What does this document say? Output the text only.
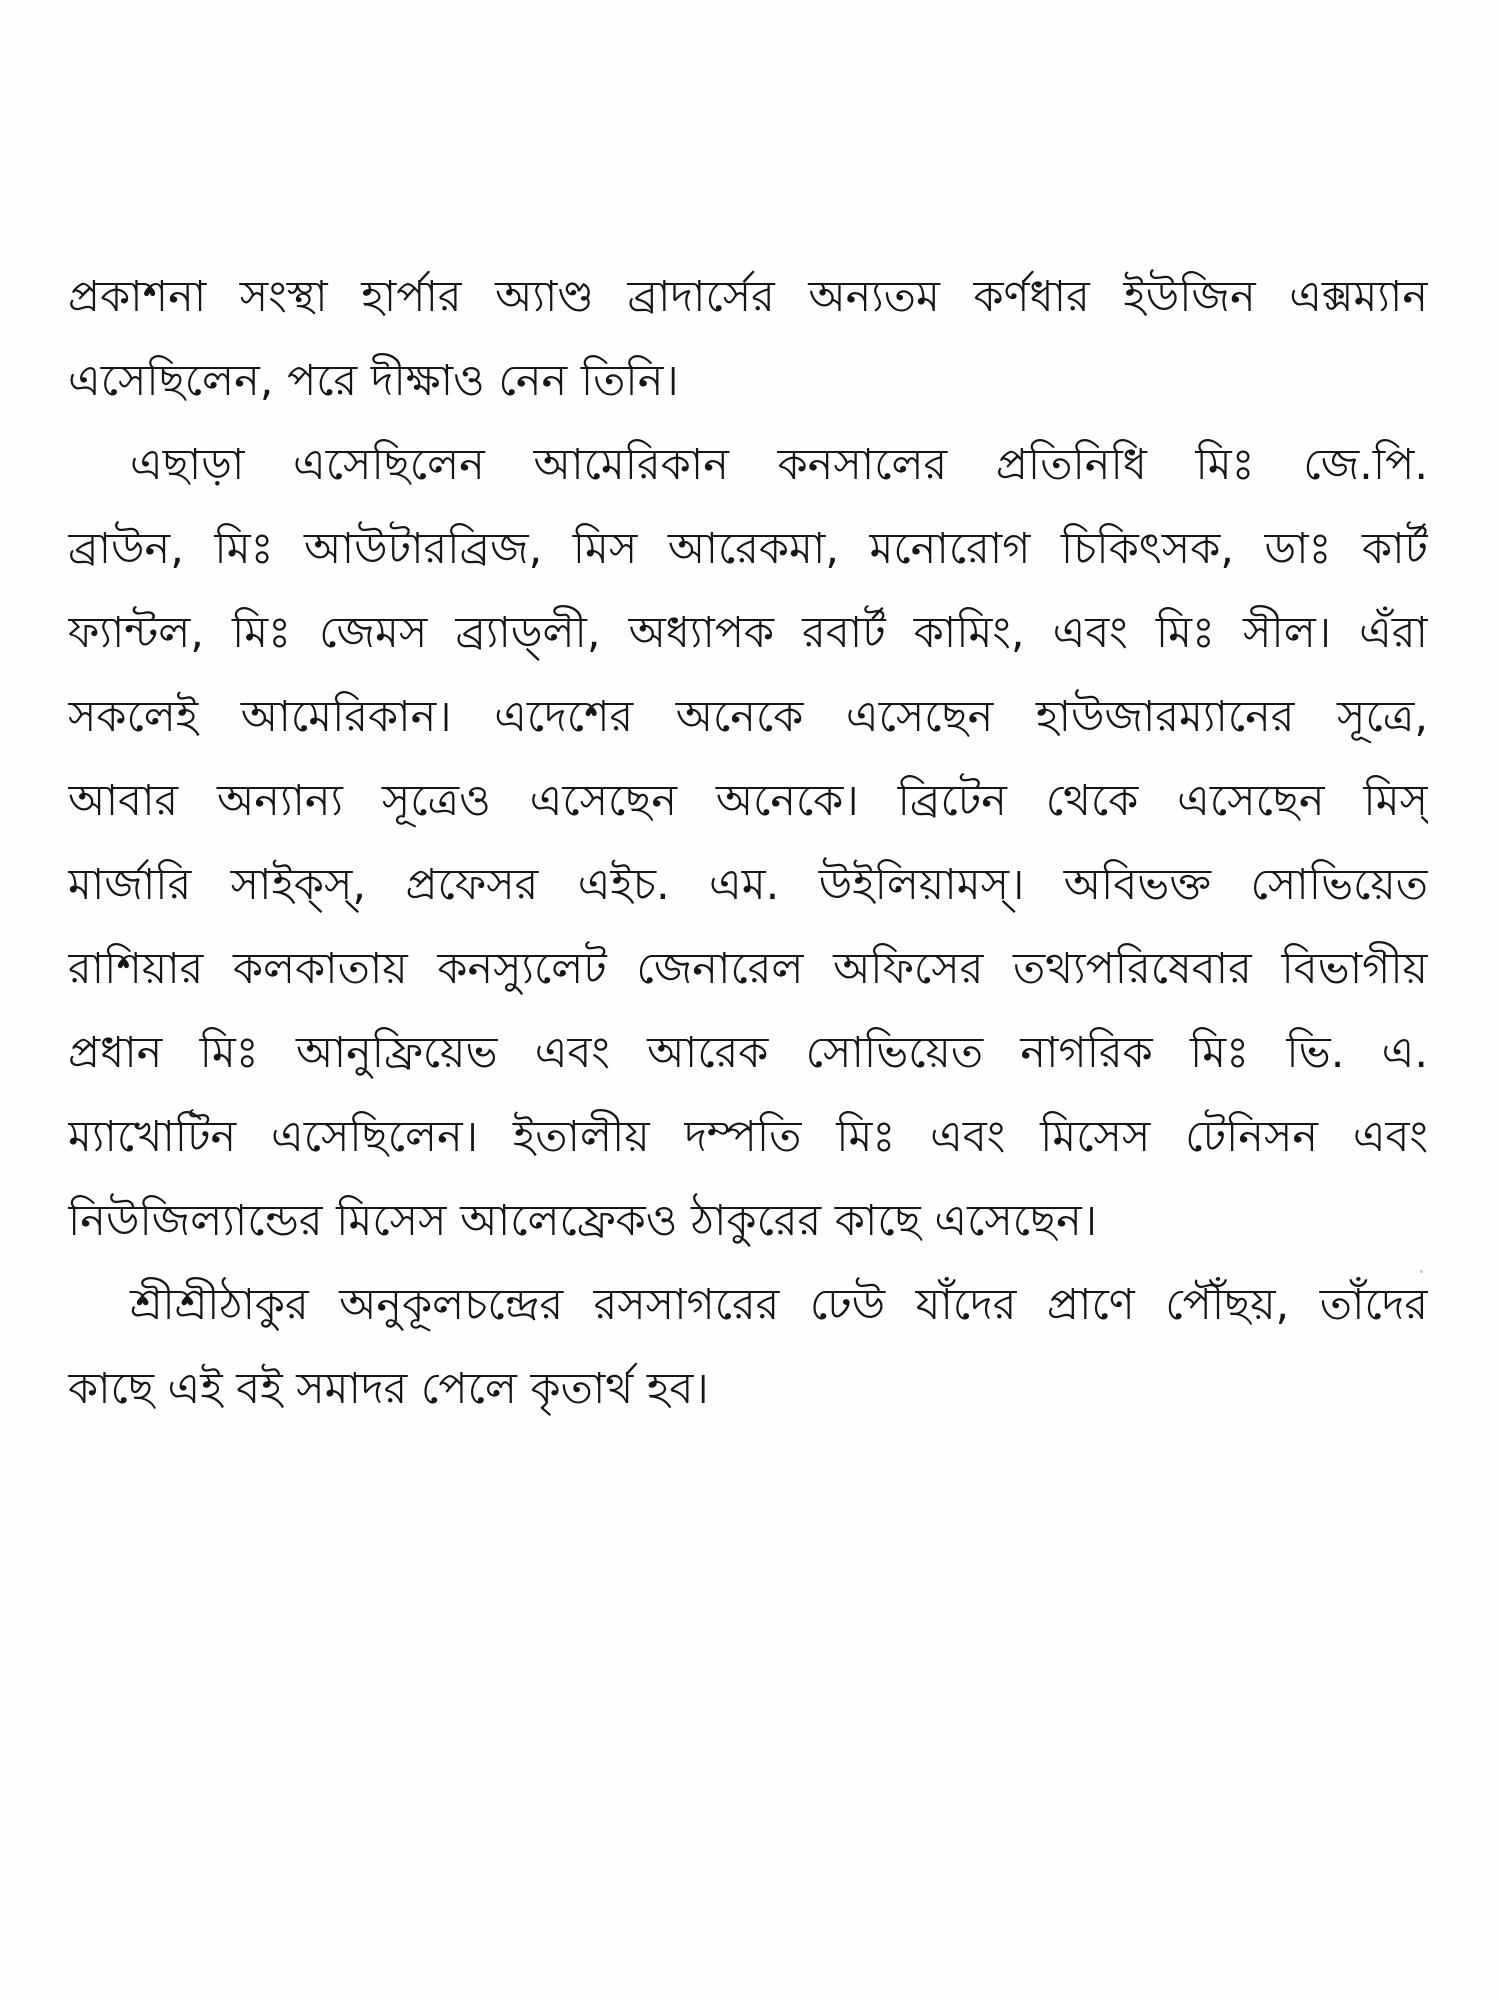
প্রকাশনা সংস্থা হার্পার অ্যাণ্ড ব্রাদার্সের অন্যতম কর্ণধার ইউজিন এক্সম্যান
এসেছিলেন, পরে দীক্ষাও নেন তিনি।
এছাড়া এসেছিলেন আমেরিকান কনসালের প্রতিনিধি মিঃ জে.পি.
ব্রাউন, মিঃ আউটারব্রিজ, মিস আরেকমা, মনোরোগ চিকিৎসক, ডাঃ কার্ট
ফ্যান্টল, মিঃ জেমস ব্র্যাড্লী, অধ্যাপক রবার্ট কামিং, এবং মিঃ সীল। এঁরা
সকলেই আমেরিকান। এদেশের অনেকে এসেছেন হাউজারম্যানের সূত্রে,
আবার অন্যান্য সূত্রেও এসেছেন অনেকে। ব্রিটেন থেকে এসেছেন মিস্
মার্জারি সাইক্স্, প্রফেসর এইচ. এম. উইলিয়ামস্। অবিভক্ত সোভিয়েত
রাশিয়ার কলকাতায় কনস্যুলেট জেনারেল অফিসের তথ্যপরিষেবার বিভাগীয়
প্রধান মিঃ আনুফ্রিয়েভ এবং আরেক সোভিয়েত নাগরিক মিঃ ভি. এ.
ম্যাখোটিন এসেছিলেন। ইতালীয় দম্পতি মিঃ এবং মিসেস টেনিসন এবং
নিউজিল্যান্ডের মিসেস আলেফ্রেকও ঠাকুরের কাছে এসেছেন।
শ্রীশ্রীঠাকুর অনুকূলচন্দ্রের রসসাগরের ঢেউ যাঁদের প্রাণে পৌঁছয়, তাঁদের
কাছে এই বই সমাদর পেলে কৃতার্থ হব।
